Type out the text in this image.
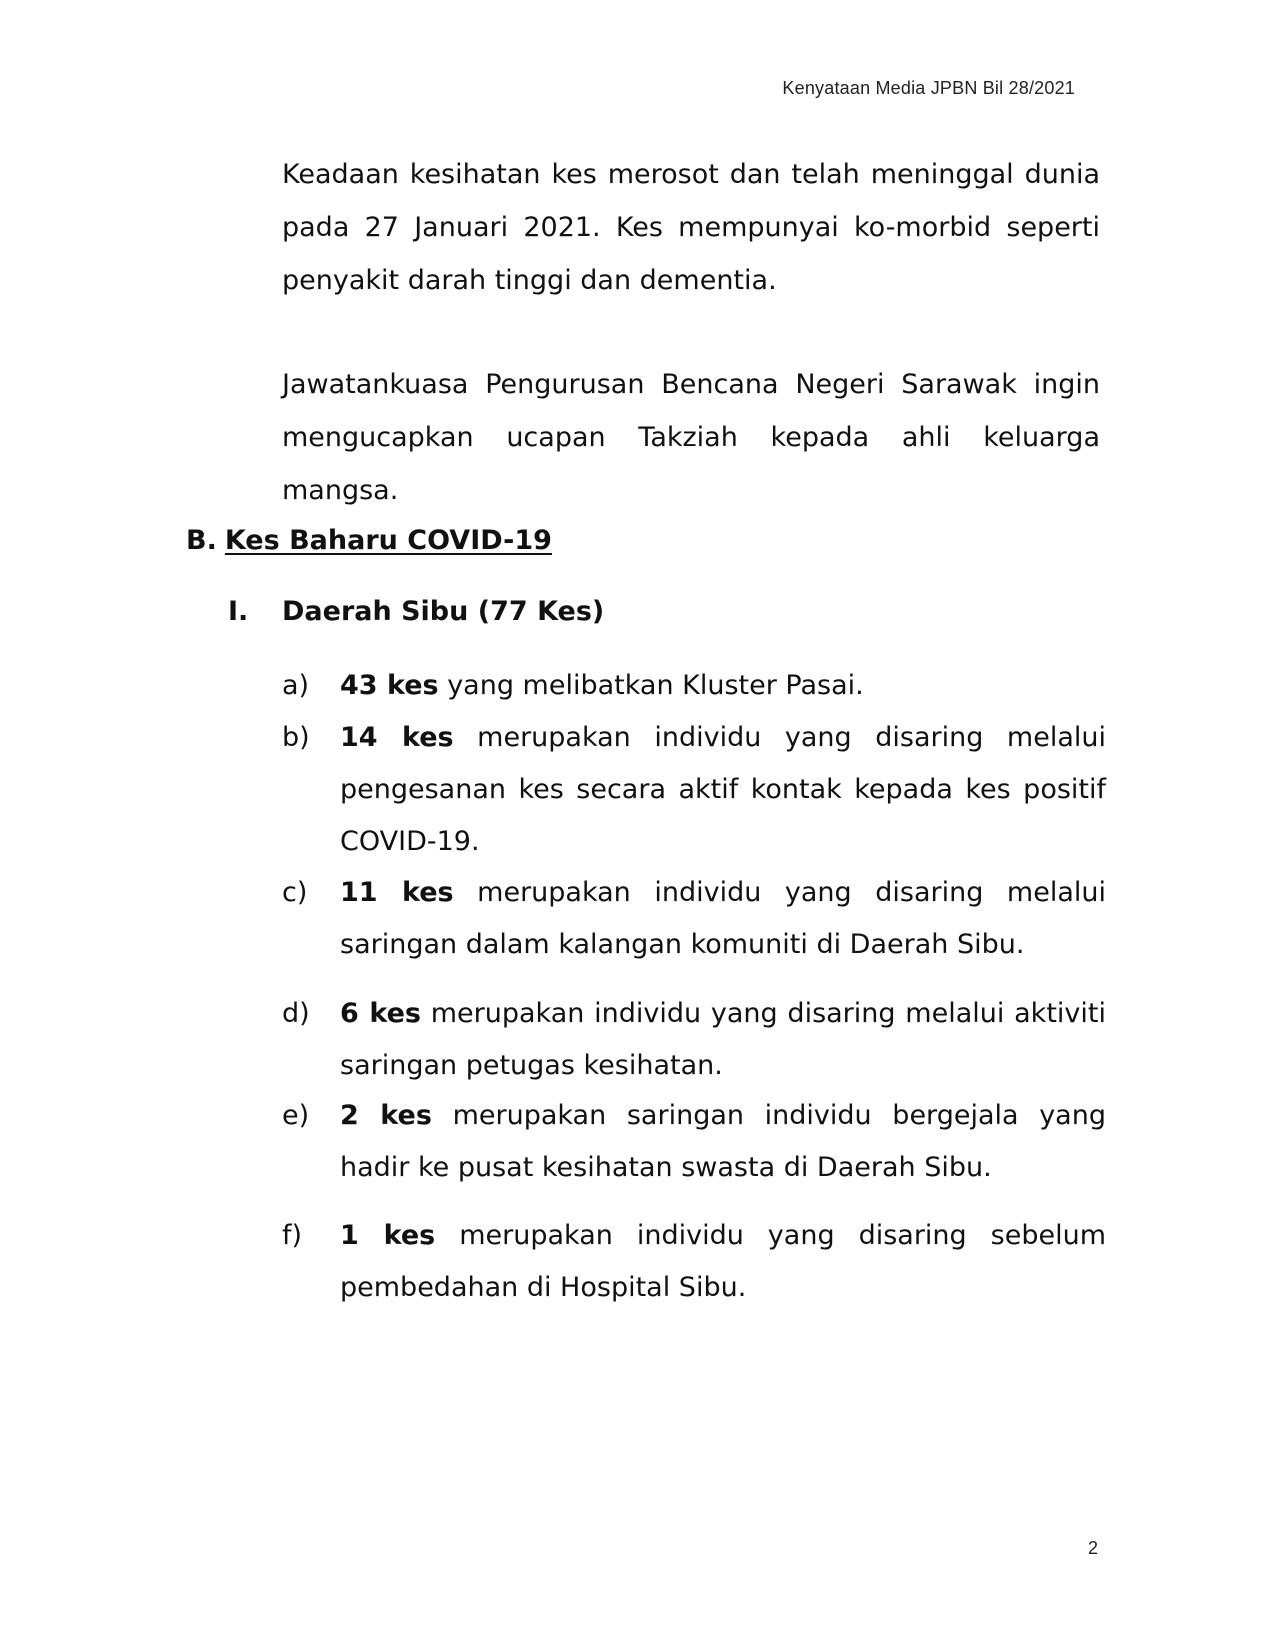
Kenyataan Media JPBN Bil 28/2021

Keadaan kesihatan kes merosot dan telah meninggal dunia pada 27 Januari 2021. Kes mempunyai ko-morbid seperti penyakit darah tinggi dan dementia.

Jawatankuasa Pengurusan Bencana Negeri Sarawak ingin mengucapkan ucapan Takziah kepada ahli keluarga mangsa.

B. Kes Baharu COVID-19
I. Daerah Sibu (77 Kes)
a) 43 kes yang melibatkan Kluster Pasai.
b) 14 kes merupakan individu yang disaring melalui pengesanan kes secara aktif kontak kepada kes positif COVID-19.
c) 11 kes merupakan individu yang disaring melalui saringan dalam kalangan komuniti di Daerah Sibu.
d) 6 kes merupakan individu yang disaring melalui aktiviti saringan petugas kesihatan.
e) 2 kes merupakan saringan individu bergejala yang hadir ke pusat kesihatan swasta di Daerah Sibu.
f) 1 kes merupakan individu yang disaring sebelum pembedahan di Hospital Sibu.
2
